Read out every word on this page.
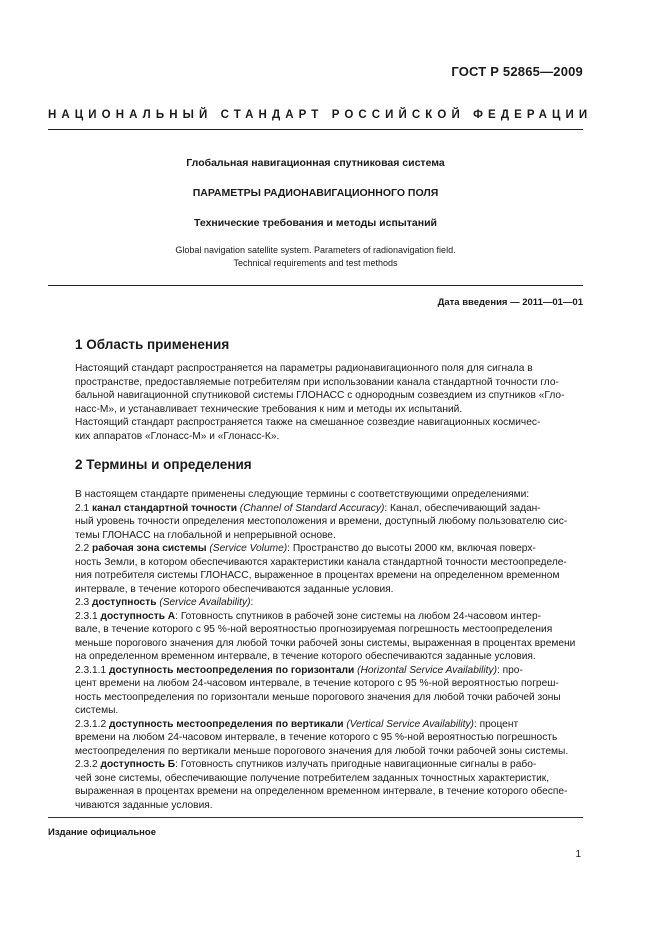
ГОСТ Р 52865—2009
НАЦИОНАЛЬНЫЙ СТАНДАРТ РОССИЙСКОЙ ФЕДЕРАЦИИ
Глобальная навигационная спутниковая система
ПАРАМЕТРЫ РАДИОНАВИГАЦИОННОГО ПОЛЯ
Технические требования и методы испытаний
Global navigation satellite system. Parameters of radionavigation field.
Technical requirements and test methods
Дата введения — 2011—01—01
1 Область применения
Настоящий стандарт распространяется на параметры радионавигационного поля для сигнала в
пространстве, предоставляемые потребителям при использовании канала стандартной точности гло-
бальной навигационной спутниковой системы ГЛОНАСС с однородным созвездием из спутников «Гло-
насс-М», и устанавливает технические требования к ним и методы их испытаний.
Настоящий стандарт распространяется также на смешанное созвездие навигационных космичес-
ких аппаратов «Глонасс-М» и «Глонасс-К».
2 Термины и определения
В настоящем стандарте применены следующие термины с соответствующими определениями:
2.1 канал стандартной точности (Channel of Standard Accuracy): Канал, обеспечивающий задан-
ный уровень точности определения местоположения и времени, доступный любому пользователю сис-
темы ГЛОНАСС на глобальной и непрерывной основе.
2.2 рабочая зона системы (Service Volume): Пространство до высоты 2000 км, включая поверх-
ность Земли, в котором обеспечиваются характеристики канала стандартной точности местоопределе-
ния потребителя системы ГЛОНАСС, выраженное в процентах времени на определенном временном
интервале, в течение которого обеспечиваются заданные условия.
2.3 доступность (Service Availability):
2.3.1 доступность А: Готовность спутников в рабочей зоне системы на любом 24-часовом интер-
вале, в течение которого с 95 %-ной вероятностью прогнозируемая погрешность местоопределения
меньше порогового значения для любой точки рабочей зоны системы, выраженная в процентах времени
на определенном временном интервале, в течение которого обеспечиваются заданные условия.
2.3.1.1 доступность местоопределения по горизонтали (Horizontal Service Availability): про-
цент времени на любом 24-часовом интервале, в течение которого с 95 %-ной вероятностью погреш-
ность местоопределения по горизонтали меньше порогового значения для любой точки рабочей зоны
системы.
2.3.1.2 доступность местоопределения по вертикали (Vertical Service Availability): процент
времени на любом 24-часовом интервале, в течение которого с 95 %-ной вероятностью погрешность
местоопределения по вертикали меньше порогового значения для любой точки рабочей зоны системы.
2.3.2 доступность Б: Готовность спутников излучать пригодные навигационные сигналы в рабо-
чей зоне системы, обеспечивающие получение потребителем заданных точностных характеристик,
выраженная в процентах времени на определенном временном интервале, в течение которого обеспе-
чиваются заданные условия.
Издание официальное
1
